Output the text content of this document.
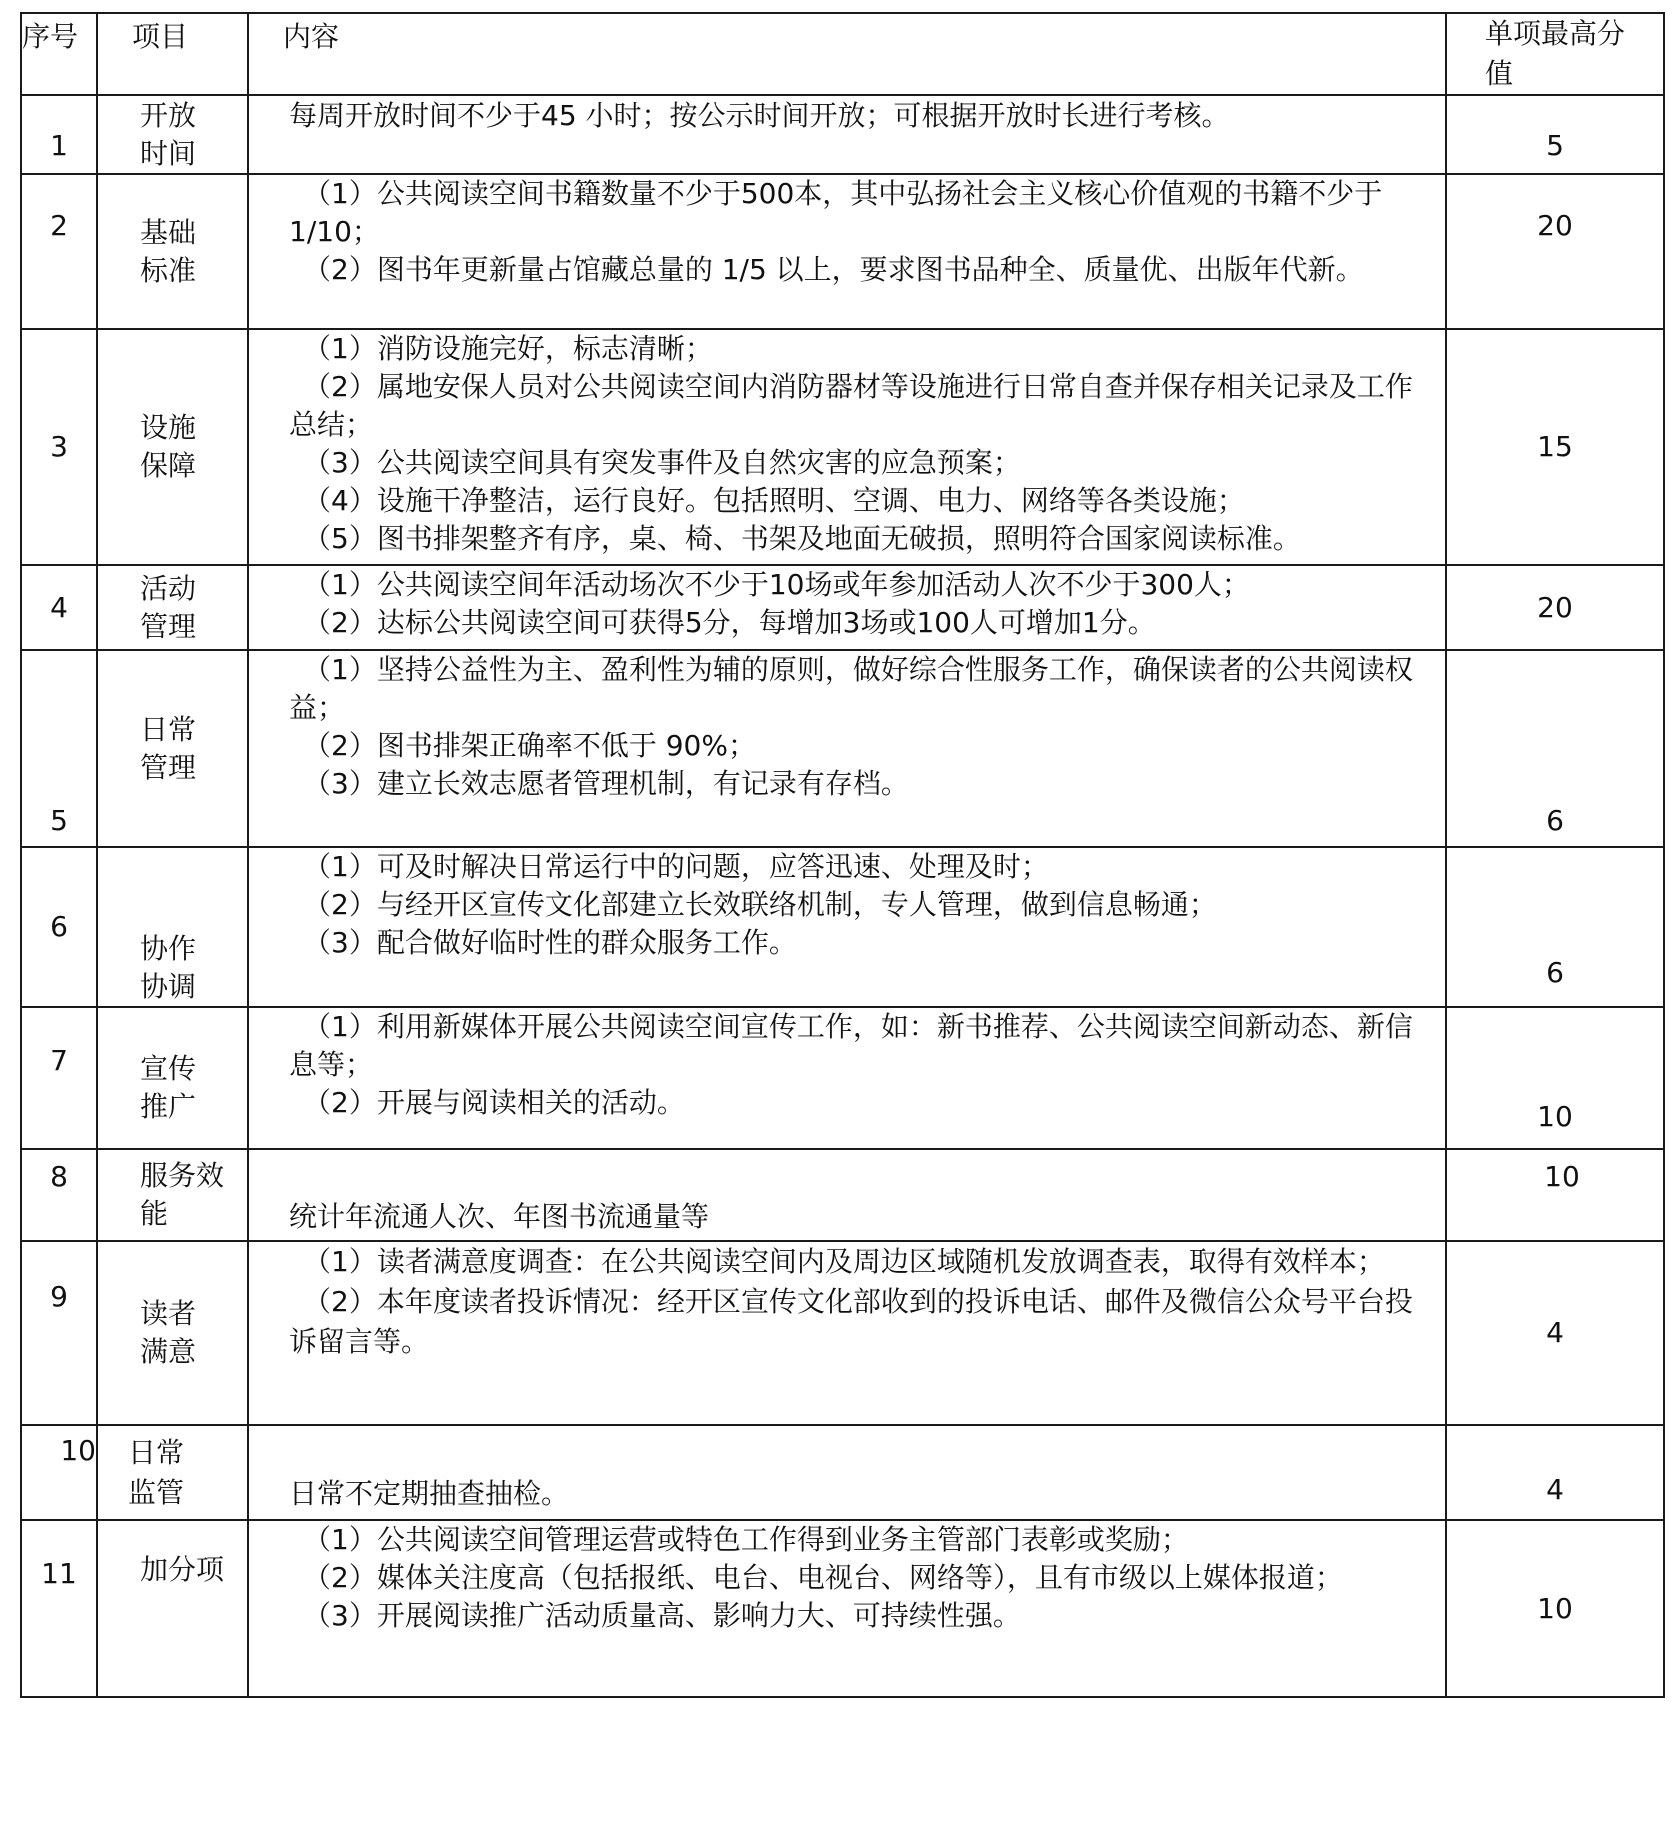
序号	项目	内容	单项最高分值

1	开放时间	每周开放时间不少于45 小时；按公示时间开放；可根据开放时长进行考核。	5
2	基础标准	（1）公共阅读空间书籍数量不少于500本，其中弘扬社会主义核心价值观的书籍不少于1/10；
（2）图书年更新量占馆藏总量的 1/5 以上，要求图书品种全、质量优、出版年代新。	20
3	设施保障	（1）消防设施完好，标志清晰；
（2）属地安保人员对公共阅读空间内消防器材等设施进行日常自查并保存相关记录及工作总结；
（3）公共阅读空间具有突发事件及自然灾害的应急预案；
（4）设施干净整洁，运行良好。包括照明、空调、电力、网络等各类设施；
（5）图书排架整齐有序，桌、椅、书架及地面无破损，照明符合国家阅读标准。	15
4	活动管理	（1）公共阅读空间年活动场次不少于10场或年参加活动人次不少于300人；
（2）达标公共阅读空间可获得5分，每增加3场或100人可增加1分。	20
5	日常管理	（1）坚持公益性为主、盈利性为辅的原则，做好综合性服务工作，确保读者的公共阅读权益；
（2）图书排架正确率不低于 90%；
（3）建立长效志愿者管理机制，有记录有存档。	6
6	协作协调	（1）可及时解决日常运行中的问题，应答迅速、处理及时；
（2）与经开区宣传文化部建立长效联络机制，专人管理，做到信息畅通；
（3）配合做好临时性的群众服务工作。	6
7	宣传推广	（1）利用新媒体开展公共阅读空间宣传工作，如：新书推荐、公共阅读空间新动态、新信息等；
（2）开展与阅读相关的活动。	10
8	服务效能	统计年流通人次、年图书流通量等	10
9	读者满意	（1）读者满意度调查：在公共阅读空间内及周边区域随机发放调查表，取得有效样本；
（2）本年度读者投诉情况：经开区宣传文化部收到的投诉电话、邮件及微信公众号平台投诉留言等。	4
10	日常监管	日常不定期抽查抽检。	4
11	加分项	（1）公共阅读空间管理运营或特色工作得到业务主管部门表彰或奖励；
（2）媒体关注度高（包括报纸、电台、电视台、网络等），且有市级以上媒体报道；
（3）开展阅读推广活动质量高、影响力大、可持续性强。	10
